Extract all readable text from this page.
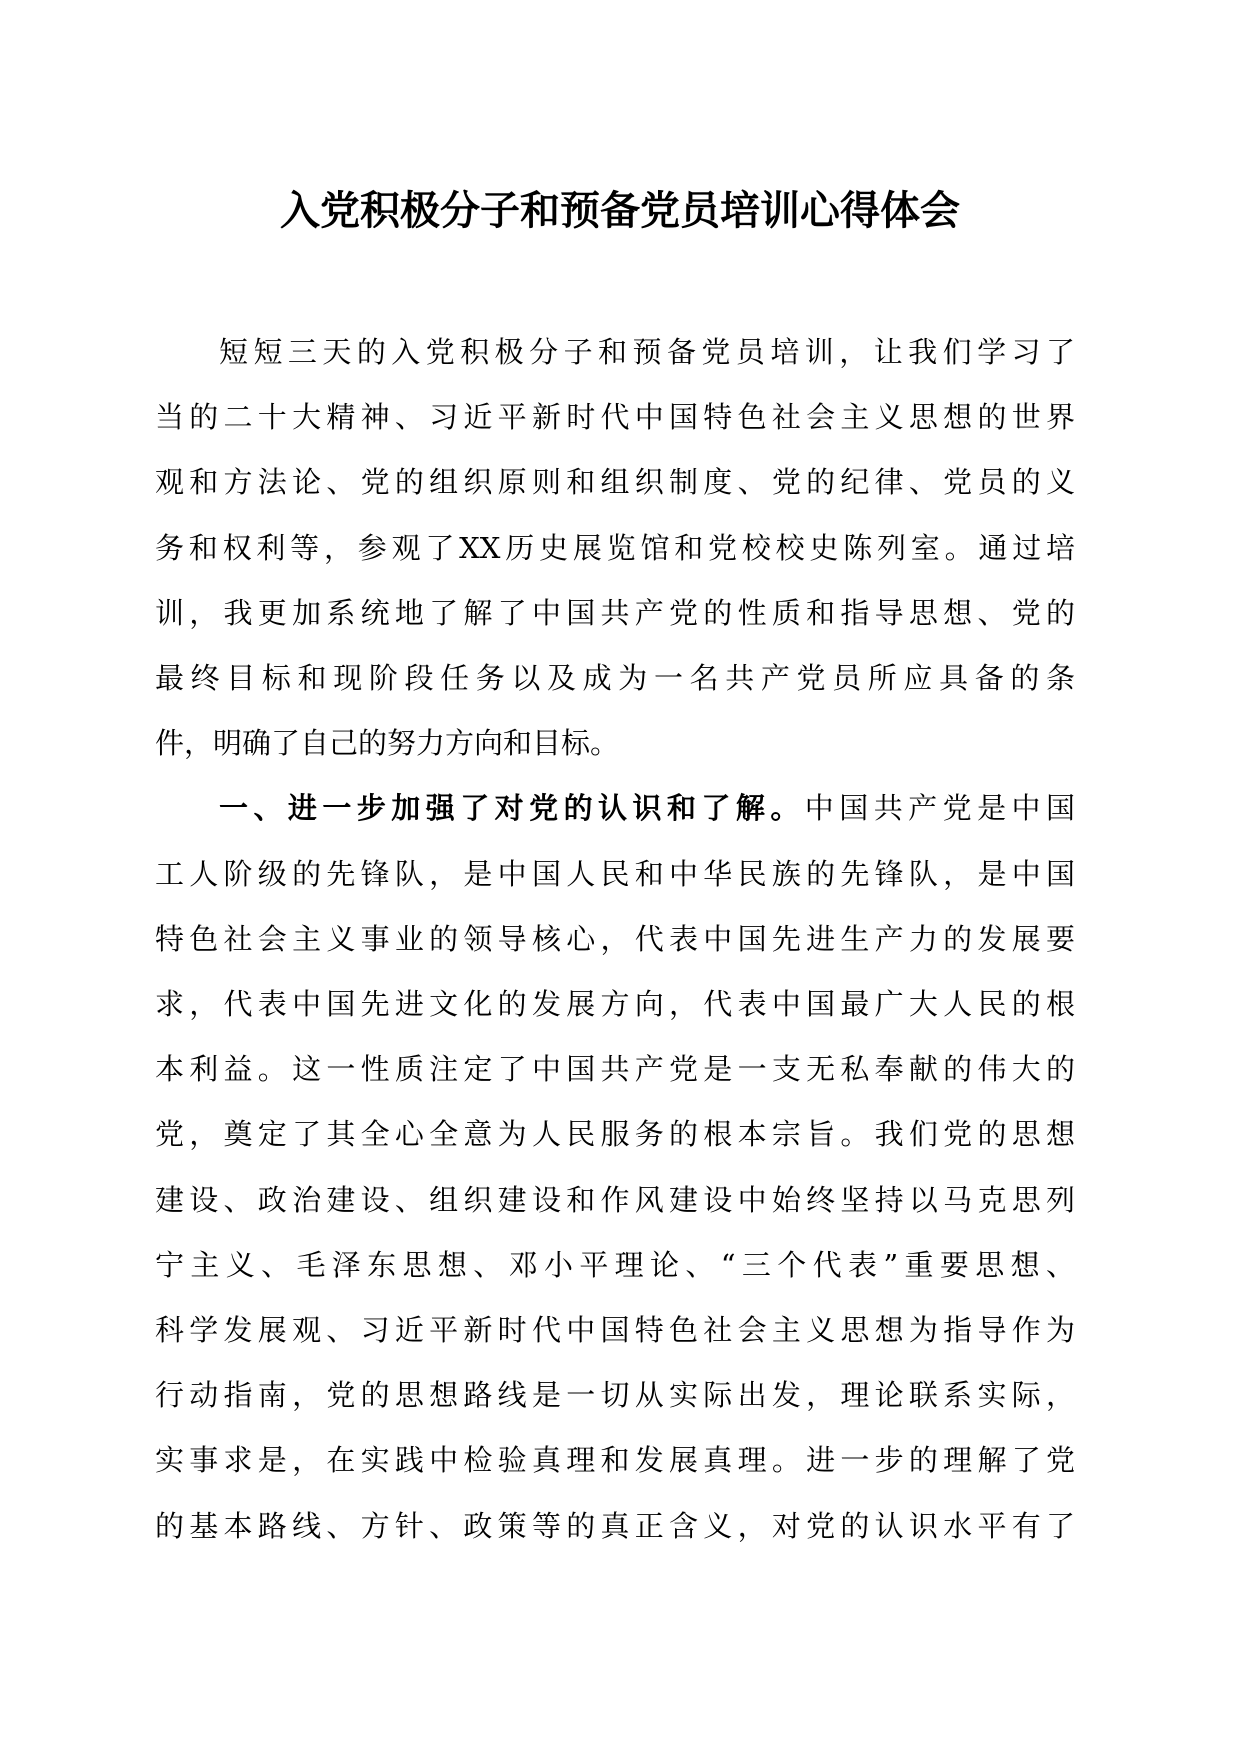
入党积极分子和预备党员培训心得体会
短短三天的入党积极分子和预备党员培训，让我们学习了
当的二十大精神、习近平新时代中国特色社会主义思想的世界
观和方法论、党的组织原则和组织制度、党的纪律、党员的义
务和权利等，参观了XX历史展览馆和党校校史陈列室。通过培
训，我更加系统地了解了中国共产党的性质和指导思想、党的
最终目标和现阶段任务以及成为一名共产党员所应具备的条
件，明确了自己的努力方向和目标。
一、进一步加强了对党的认识和了解。中国共产党是中国
工人阶级的先锋队，是中国人民和中华民族的先锋队，是中国
特色社会主义事业的领导核心，代表中国先进生产力的发展要
求，代表中国先进文化的发展方向，代表中国最广大人民的根
本利益。这一性质注定了中国共产党是一支无私奉献的伟大的
党，奠定了其全心全意为人民服务的根本宗旨。我们党的思想
建设、政治建设、组织建设和作风建设中始终坚持以马克思列
宁主义、毛泽东思想、邓小平理论、“三个代表”重要思想、
科学发展观、习近平新时代中国特色社会主义思想为指导作为
行动指南，党的思想路线是一切从实际出发，理论联系实际，
实事求是，在实践中检验真理和发展真理。进一步的理解了党
的基本路线、方针、政策等的真正含义，对党的认识水平有了
